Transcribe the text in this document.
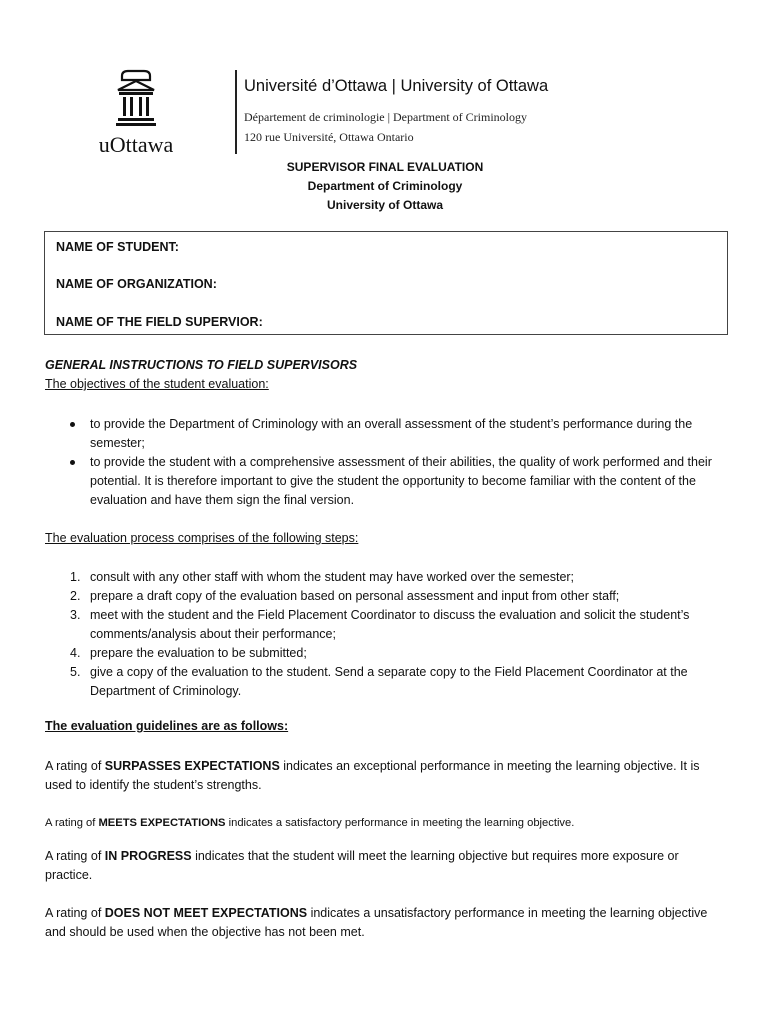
uOttawa
Université d’Ottawa | University of Ottawa
Département de criminologie | Department of Criminology
120 rue Université, Ottawa Ontario
SUPERVISOR FINAL EVALUATION
Department of Criminology
University of Ottawa
NAME OF STUDENT:
NAME OF ORGANIZATION:
NAME OF THE FIELD SUPERVIOR:
GENERAL INSTRUCTIONS TO FIELD SUPERVISORS
The objectives of the student evaluation:
to provide the Department of Criminology with an overall assessment of the student’s performance during the semester;
to provide the student with a comprehensive assessment of their abilities, the quality of work performed and their potential. It is therefore important to give the student the opportunity to become familiar with the content of the evaluation and have them sign the final version.
The evaluation process comprises of the following steps:
1. consult with any other staff with whom the student may have worked over the semester;
2. prepare a draft copy of the evaluation based on personal assessment and input from other staff;
3. meet with the student and the Field Placement Coordinator to discuss the evaluation and solicit the student’s comments/analysis about their performance;
4. prepare the evaluation to be submitted;
5. give a copy of the evaluation to the student. Send a separate copy to the Field Placement Coordinator at the Department of Criminology.
The evaluation guidelines are as follows:
A rating of SURPASSES EXPECTATIONS indicates an exceptional performance in meeting the learning objective. It is used to identify the student’s strengths.
A rating of MEETS EXPECTATIONS indicates a satisfactory performance in meeting the learning objective.
A rating of IN PROGRESS indicates that the student will meet the learning objective but requires more exposure or practice.
A rating of DOES NOT MEET EXPECTATIONS indicates a unsatisfactory performance in meeting the learning objective and should be used when the objective has not been met.
